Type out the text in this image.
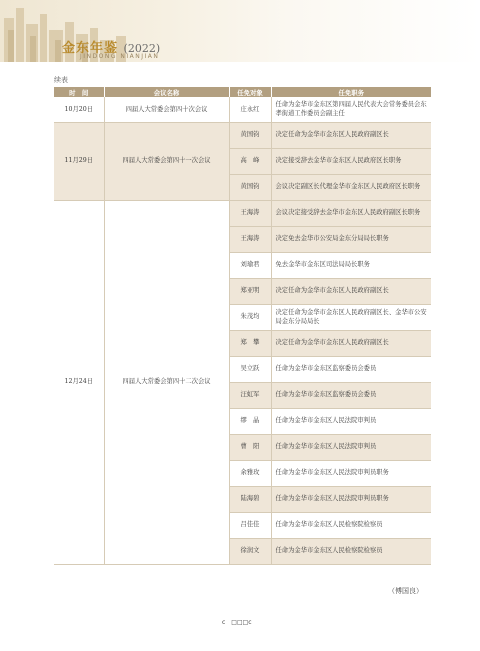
金东年鉴 (2022)
JINDONG NIANJIAN
续表
时　间	会议名称	任免对象	任免职务
10月20日	四届人大常委会第四十次会议	庄永红	任命为金华市金东区第四届人民代表大会常务委员会东孝街道工作委员会副主任
11月29日	四届人大常委会第四十一次会议	黄国钧	决定任命为金华市金东区人民政府副区长
		高　峰	决定接受辞去金华市金东区人民政府区长职务
		黄国钧	会议决定副区长代理金华市金东区人民政府区长职务
12月24日	四届人大常委会第四十二次会议	王海涛	会议决定接受辞去金华市金东区人民政府副区长职务
		王海涛	决定免去金华市公安局金东分局局长职务
		刘瑜君	免去金华市金东区司法局局长职务
		郑亚明	决定任命为金华市金东区人民政府副区长
		朱茂均	决定任命为金华市金东区人民政府副区长、金华市公安局金东分局局长
		郑　攀	决定任命为金华市金东区人民政府副区长
		吴立跃	任命为金华市金东区监察委员会委员
		汪虹军	任命为金华市金东区监察委员会委员
		缪　晶	任命为金华市金东区人民法院审判员
		曹　阳	任命为金华市金东区人民法院审判员
		余雅玫	任命为金华市金东区人民法院审判员职务
		陆海碧	任命为金华市金东区人民法院审判员职务
		吕佳佳	任命为金华市金东区人民检察院检察员
		徐润文	任命为金华市金东区人民检察院检察员
（傅国良）
c　□□□c
